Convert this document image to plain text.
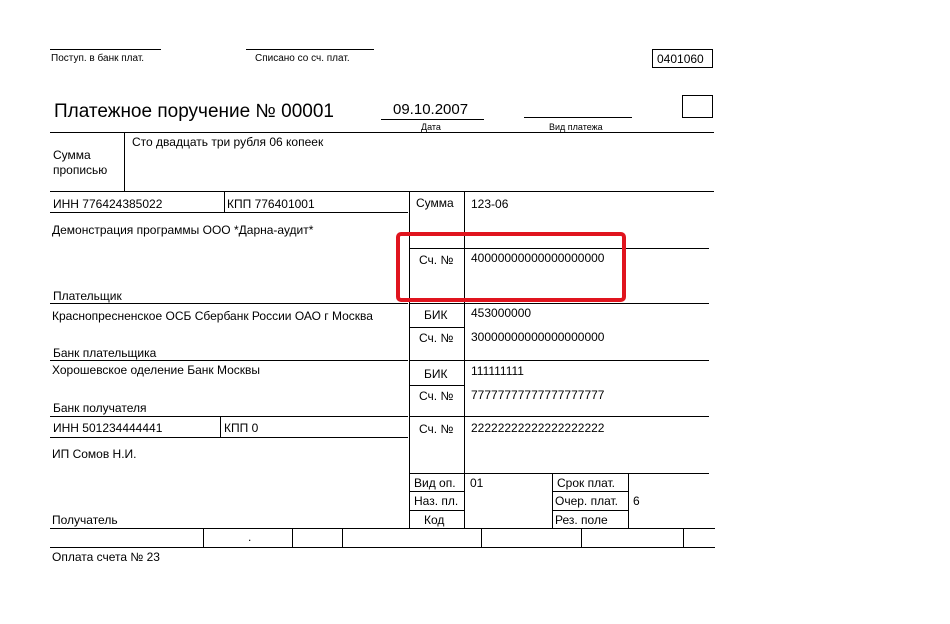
Поступ. в банк плат.	Списано со сч. плат.	0401060
Платежное поручение № 00001	09.10.2007
Дата	Вид платежа
Сумма
прописью
Сто двадцать три рубля 06 копеек
ИНН 776424385022	КПП 776401001
Демонстрация программы ООО *Дарна-аудит*
Плательщик
Краснопресненское ОСБ Сбербанк России ОАО г Москва
Банк плательщика
Хорошевское оделение Банк Москвы
Банк получателя
ИНН 501234444441	КПП 0
ИП Сомов Н.И.
Получатель
Сумма 123-06
Сч. № 40000000000000000000
БИК 453000000
Сч. № 30000000000000000000
БИК 111111111
Сч. № 77777777777777777777
Сч. № 22222222222222222222
Вид оп. 01
Наз. пл.
Код
Срок плат.
Очер. плат. 6
Рез. поле
.
Оплата счета № 23
